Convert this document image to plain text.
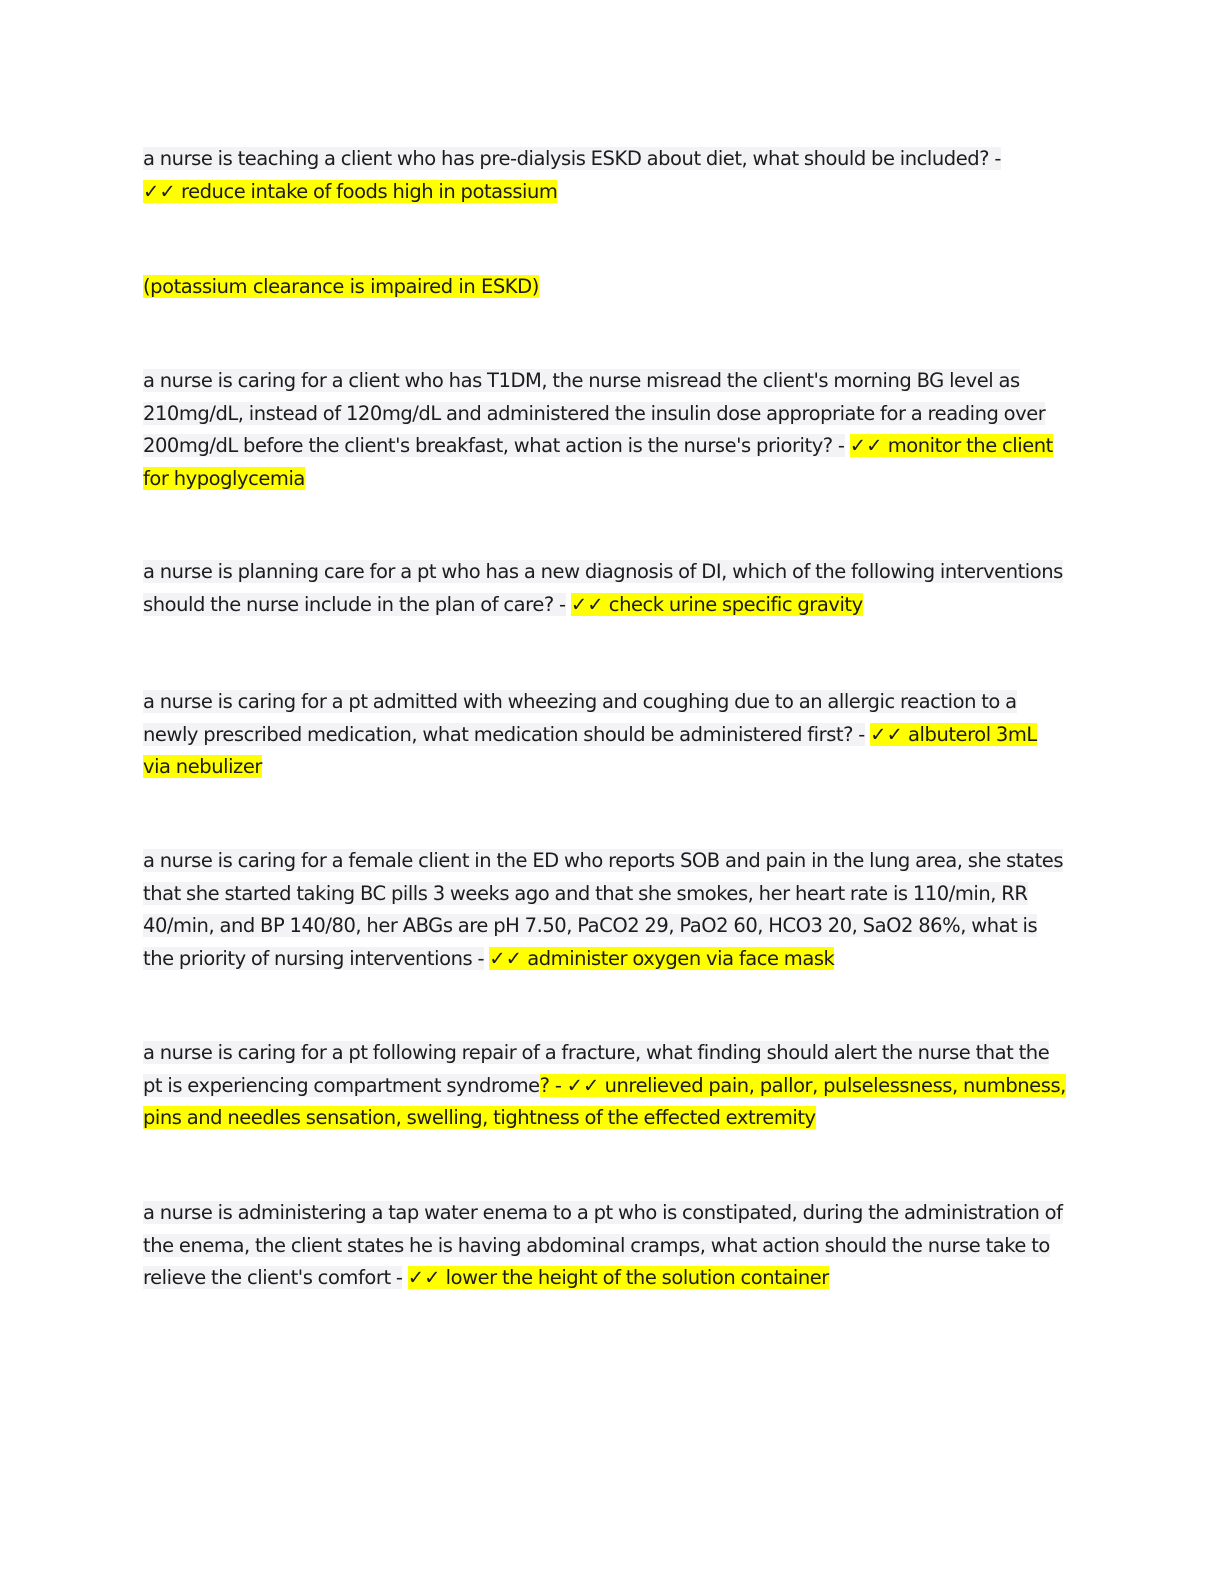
a nurse is teaching a client who has pre-dialysis ESKD about diet, what should be included? -
✓✓ reduce intake of foods high in potassium
(potassium clearance is impaired in ESKD)
a nurse is caring for a client who has T1DM, the nurse misread the client's morning BG level as 210mg/dL, instead of 120mg/dL and administered the insulin dose appropriate for a reading over 200mg/dL before the client's breakfast, what action is the nurse's priority? - ✓✓ monitor the client for hypoglycemia
a nurse is planning care for a pt who has a new diagnosis of DI, which of the following interventions should the nurse include in the plan of care? - ✓✓ check urine specific gravity
a nurse is caring for a pt admitted with wheezing and coughing due to an allergic reaction to a newly prescribed medication, what medication should be administered first? - ✓✓ albuterol 3mL via nebulizer
a nurse is caring for a female client in the ED who reports SOB and pain in the lung area, she states that she started taking BC pills 3 weeks ago and that she smokes, her heart rate is 110/min, RR 40/min, and BP 140/80, her ABGs are pH 7.50, PaCO2 29, PaO2 60, HCO3 20, SaO2 86%, what is the priority of nursing interventions - ✓✓ administer oxygen via face mask
a nurse is caring for a pt following repair of a fracture, what finding should alert the nurse that the pt is experiencing compartment syndrome? - ✓✓ unrelieved pain, pallor, pulselessness, numbness, pins and needles sensation, swelling, tightness of the effected extremity
a nurse is administering a tap water enema to a pt who is constipated, during the administration of the enema, the client states he is having abdominal cramps, what action should the nurse take to relieve the client's comfort - ✓✓ lower the height of the solution container
